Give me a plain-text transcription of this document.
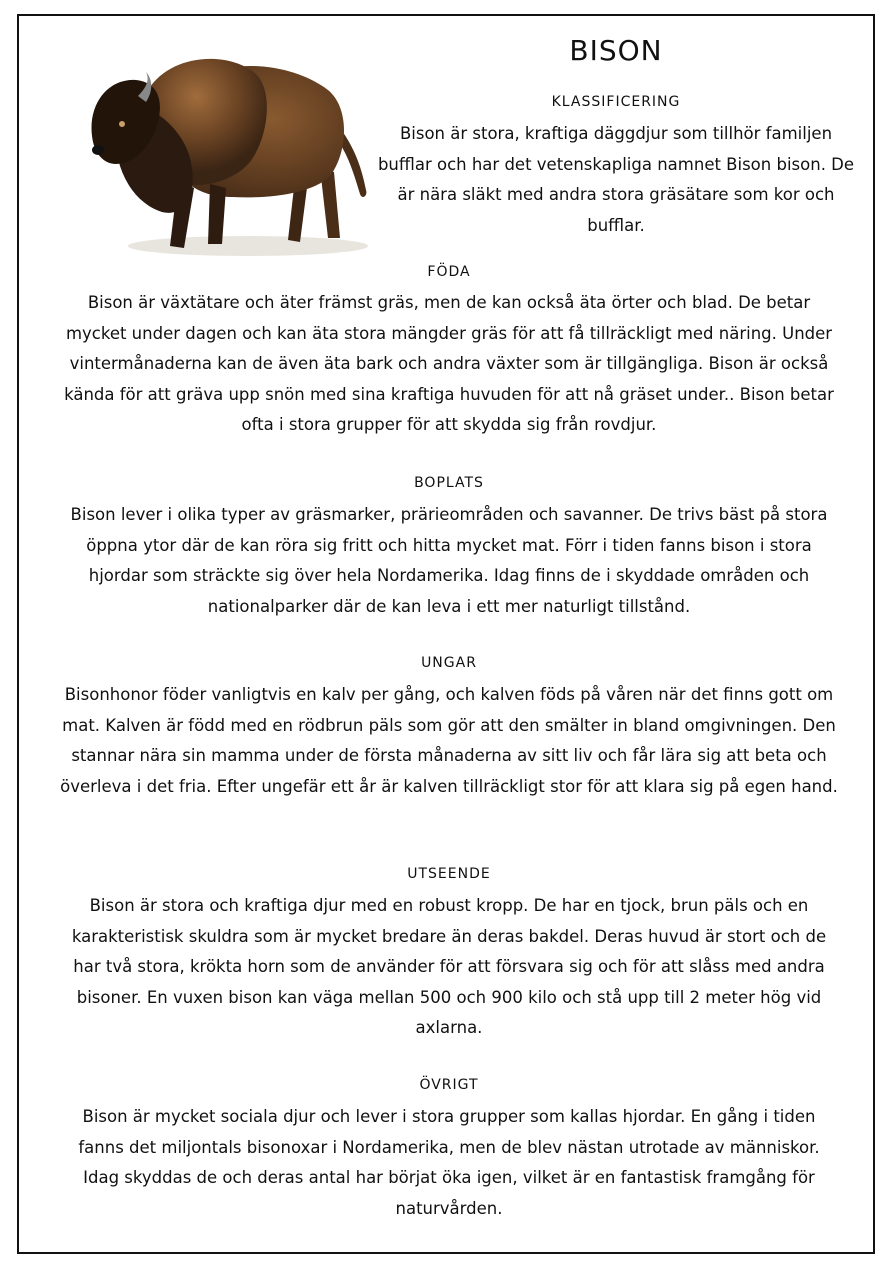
BISON
KLASSIFICERING

Bison är stora, kraftiga däggdjur som tillhör familjen bufflar och har det vetenskapliga namnet Bison bison. De är nära släkt med andra stora gräsätare som kor och bufflar.

FÖDA

Bison är växtätare och äter främst gräs, men de kan också äta örter och blad. De betar mycket under dagen och kan äta stora mängder gräs för att få tillräckligt med näring. Under vintermånaderna kan de även äta bark och andra växter som är tillgängliga. Bison är också kända för att gräva upp snön med sina kraftiga huvuden för att nå gräset under.. Bison betar ofta i stora grupper för att skydda sig från rovdjur.

BOPLATS

Bison lever i olika typer av gräsmarker, prärieområden och savanner. De trivs bäst på stora öppna ytor där de kan röra sig fritt och hitta mycket mat. Förr i tiden fanns bison i stora hjordar som sträckte sig över hela Nordamerika. Idag finns de i skyddade områden och nationalparker där de kan leva i ett mer naturligt tillstånd.

UNGAR

Bisonhonor föder vanligtvis en kalv per gång, och kalven föds på våren när det finns gott om mat. Kalven är född med en rödbrun päls som gör att den smälter in bland omgivningen. Den stannar nära sin mamma under de första månaderna av sitt liv och får lära sig att beta och överleva i det fria. Efter ungefär ett år är kalven tillräckligt stor för att klara sig på egen hand.

UTSEENDE

Bison är stora och kraftiga djur med en robust kropp. De har en tjock, brun päls och en karakteristisk skuldra som är mycket bredare än deras bakdel. Deras huvud är stort och de har två stora, krökta horn som de använder för att försvara sig och för att slåss med andra bisoner. En vuxen bison kan väga mellan 500 och 900 kilo och stå upp till 2 meter hög vid axlarna.

ÖVRIGT

Bison är mycket sociala djur och lever i stora grupper som kallas hjordar. En gång i tiden fanns det miljontals bisonoxar i Nordamerika, men de blev nästan utrotade av människor. Idag skyddas de och deras antal har börjat öka igen, vilket är en fantastisk framgång för naturvården.
